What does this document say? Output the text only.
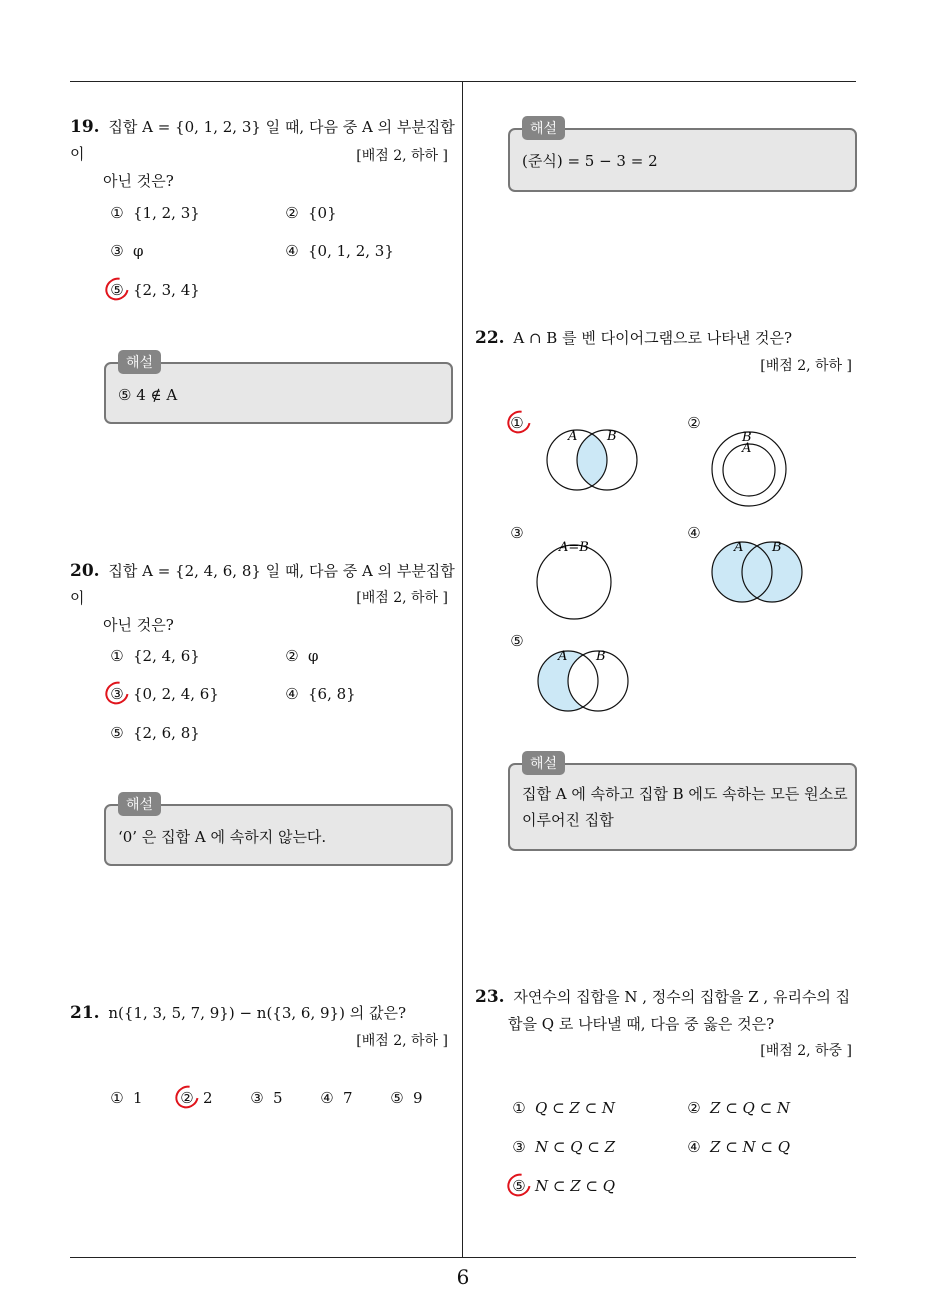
6
19. 집합 A = {0, 1, 2, 3} 일 때, 다음 중 A 의 부분집합이
아닌 것은?
[배점 2, 하하 ]
① {1, 2, 3}	② {0}
③ φ	④ {0, 1, 2, 3}
⑤ {2, 3, 4}
해설
⑤ 4 ∉ A
20. 집합 A = {2, 4, 6, 8} 일 때, 다음 중 A 의 부분집합이
아닌 것은?
[배점 2, 하하 ]
① {2, 4, 6}	② φ
③ {0, 2, 4, 6}	④ {6, 8}
⑤ {2, 6, 8}
해설
‘0’ 은 집합 A 에 속하지 않는다.
21. n({1, 3, 5, 7, 9}) − n({3, 6, 9}) 의 값은?
[배점 2, 하하 ]
① 1	② 2	③ 5	④ 7	⑤ 9
해설
(준식) = 5 − 3 = 2
22. A ∩ B 를 벤 다이어그램으로 나타낸 것은?
[배점 2, 하하 ]
①	②
③	④
⑤
A B	B
A
A=B	A B
A B
해설
집합 A 에 속하고 집합 B 에도 속하는 모든 원소로
이루어진 집합
23. 자연수의 집합을 N , 정수의 집합을 Z , 유리수의 집
합을 Q 로 나타낼 때, 다음 중 옳은 것은?
[배점 2, 하중 ]
① Q ⊂ Z ⊂ N	② Z ⊂ Q ⊂ N
③ N ⊂ Q ⊂ Z	④ Z ⊂ N ⊂ Q
⑤ N ⊂ Z ⊂ Q
